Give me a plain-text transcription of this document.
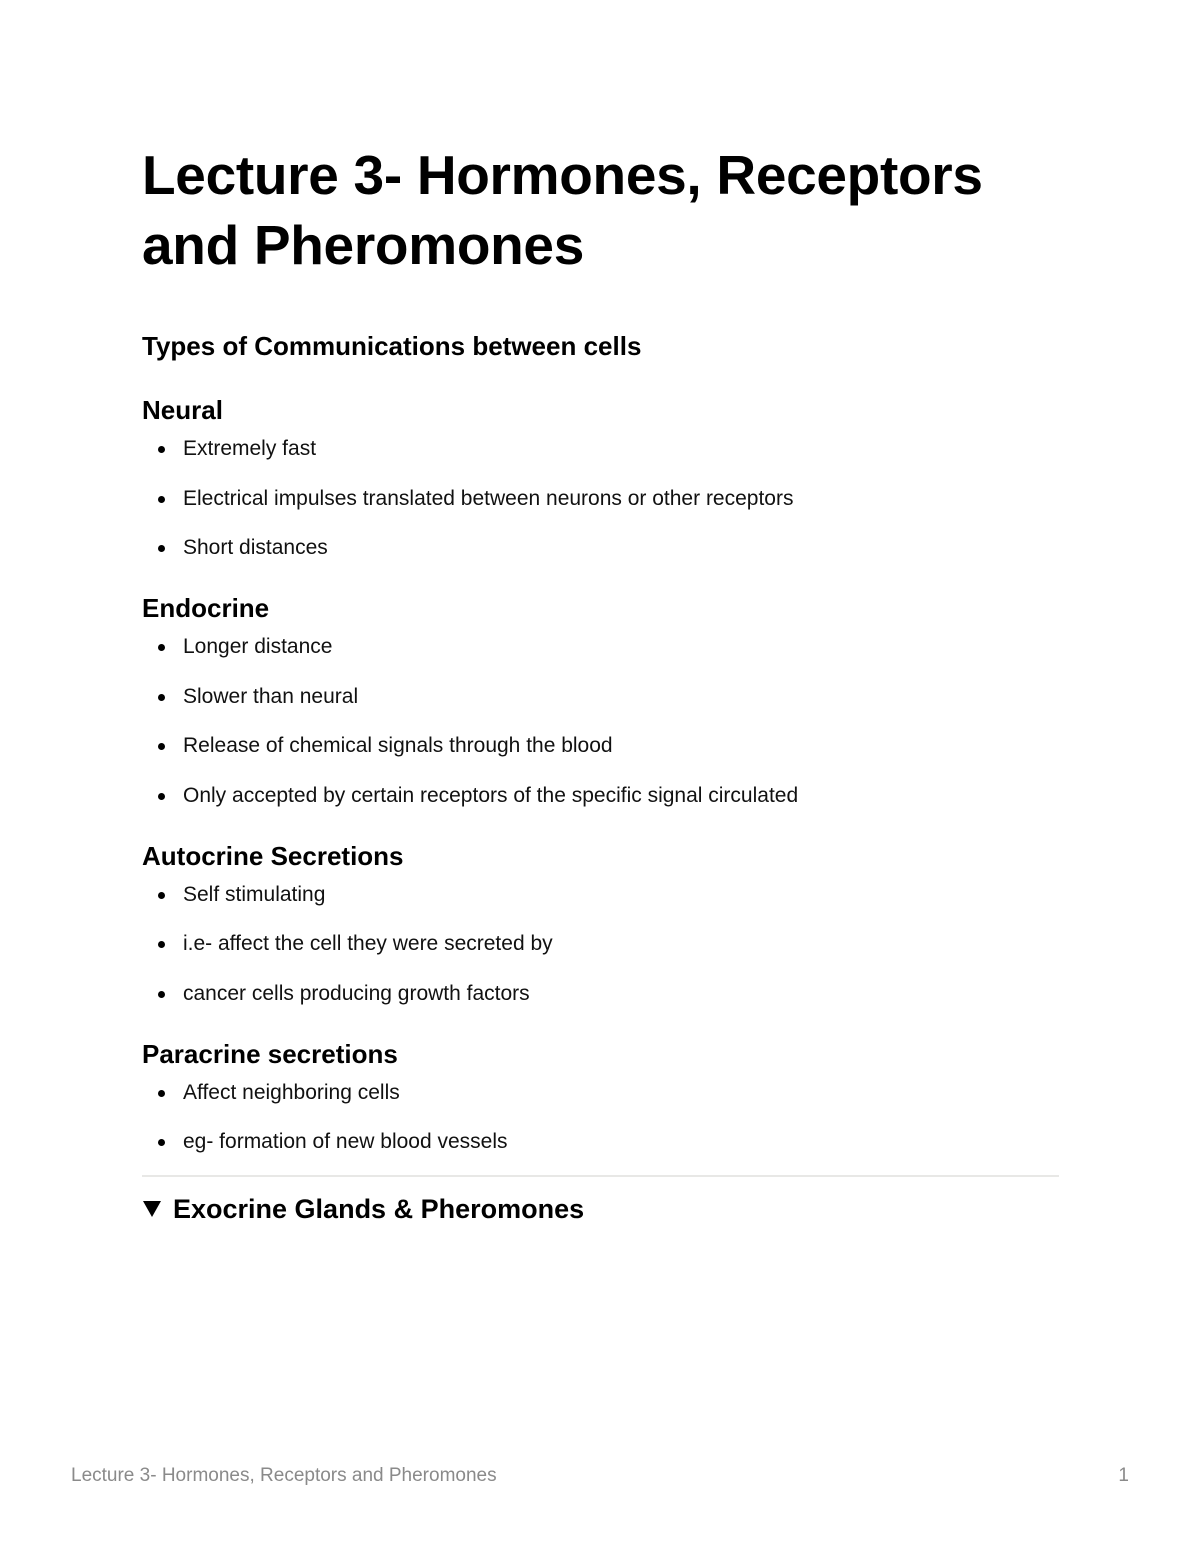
Lecture 3- Hormones, Receptors and Pheromones
Types of Communications between cells
Neural
Extremely fast
Electrical impulses translated between neurons or other receptors
Short distances
Endocrine
Longer distance
Slower than neural
Release of chemical signals through the blood
Only accepted by certain receptors of the specific signal circulated
Autocrine Secretions
Self stimulating
i.e- affect the cell they were secreted by
cancer cells producing growth factors
Paracrine secretions
Affect neighboring cells
eg- formation of new blood vessels
Exocrine Glands & Pheromones
Lecture 3- Hormones, Receptors and Pheromones	1
